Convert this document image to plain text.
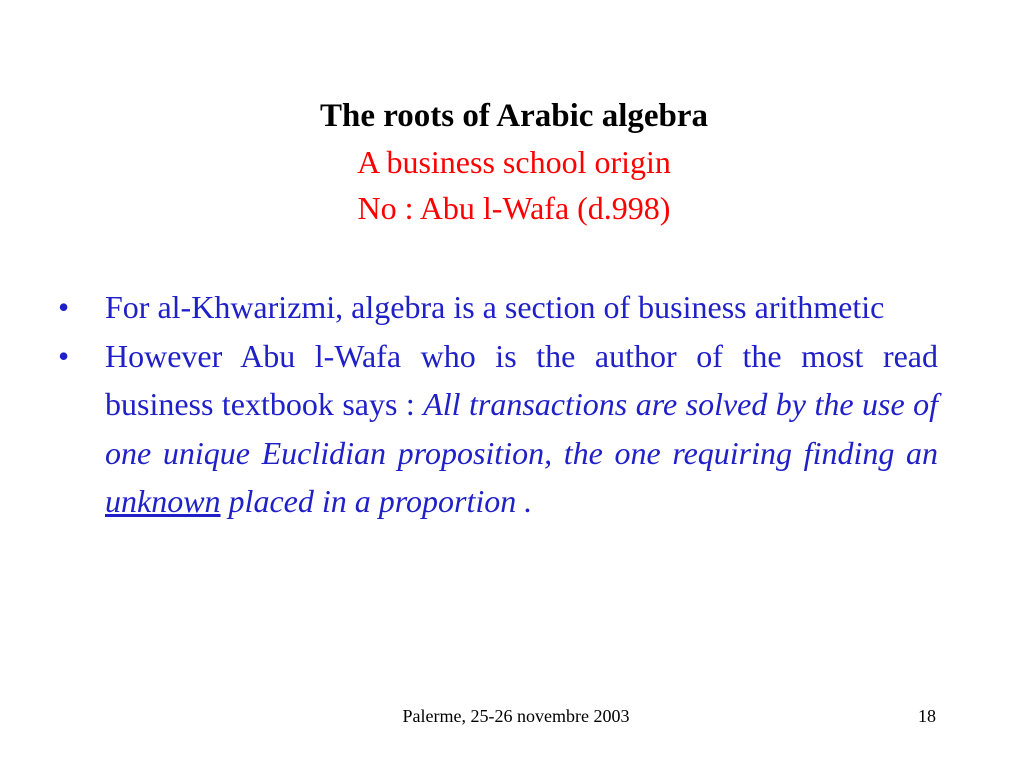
The roots of Arabic algebra
A business school origin
No : Abu l-Wafa (d.998)
• For al-Khwarizmi, algebra is a section of business arithmetic
• However Abu l-Wafa who is the author of the most read business textbook says : All transactions are solved by the use of one unique Euclidian proposition, the one requiring finding an unknown placed in a proportion .
Palerme, 25-26 novembre 2003	18
